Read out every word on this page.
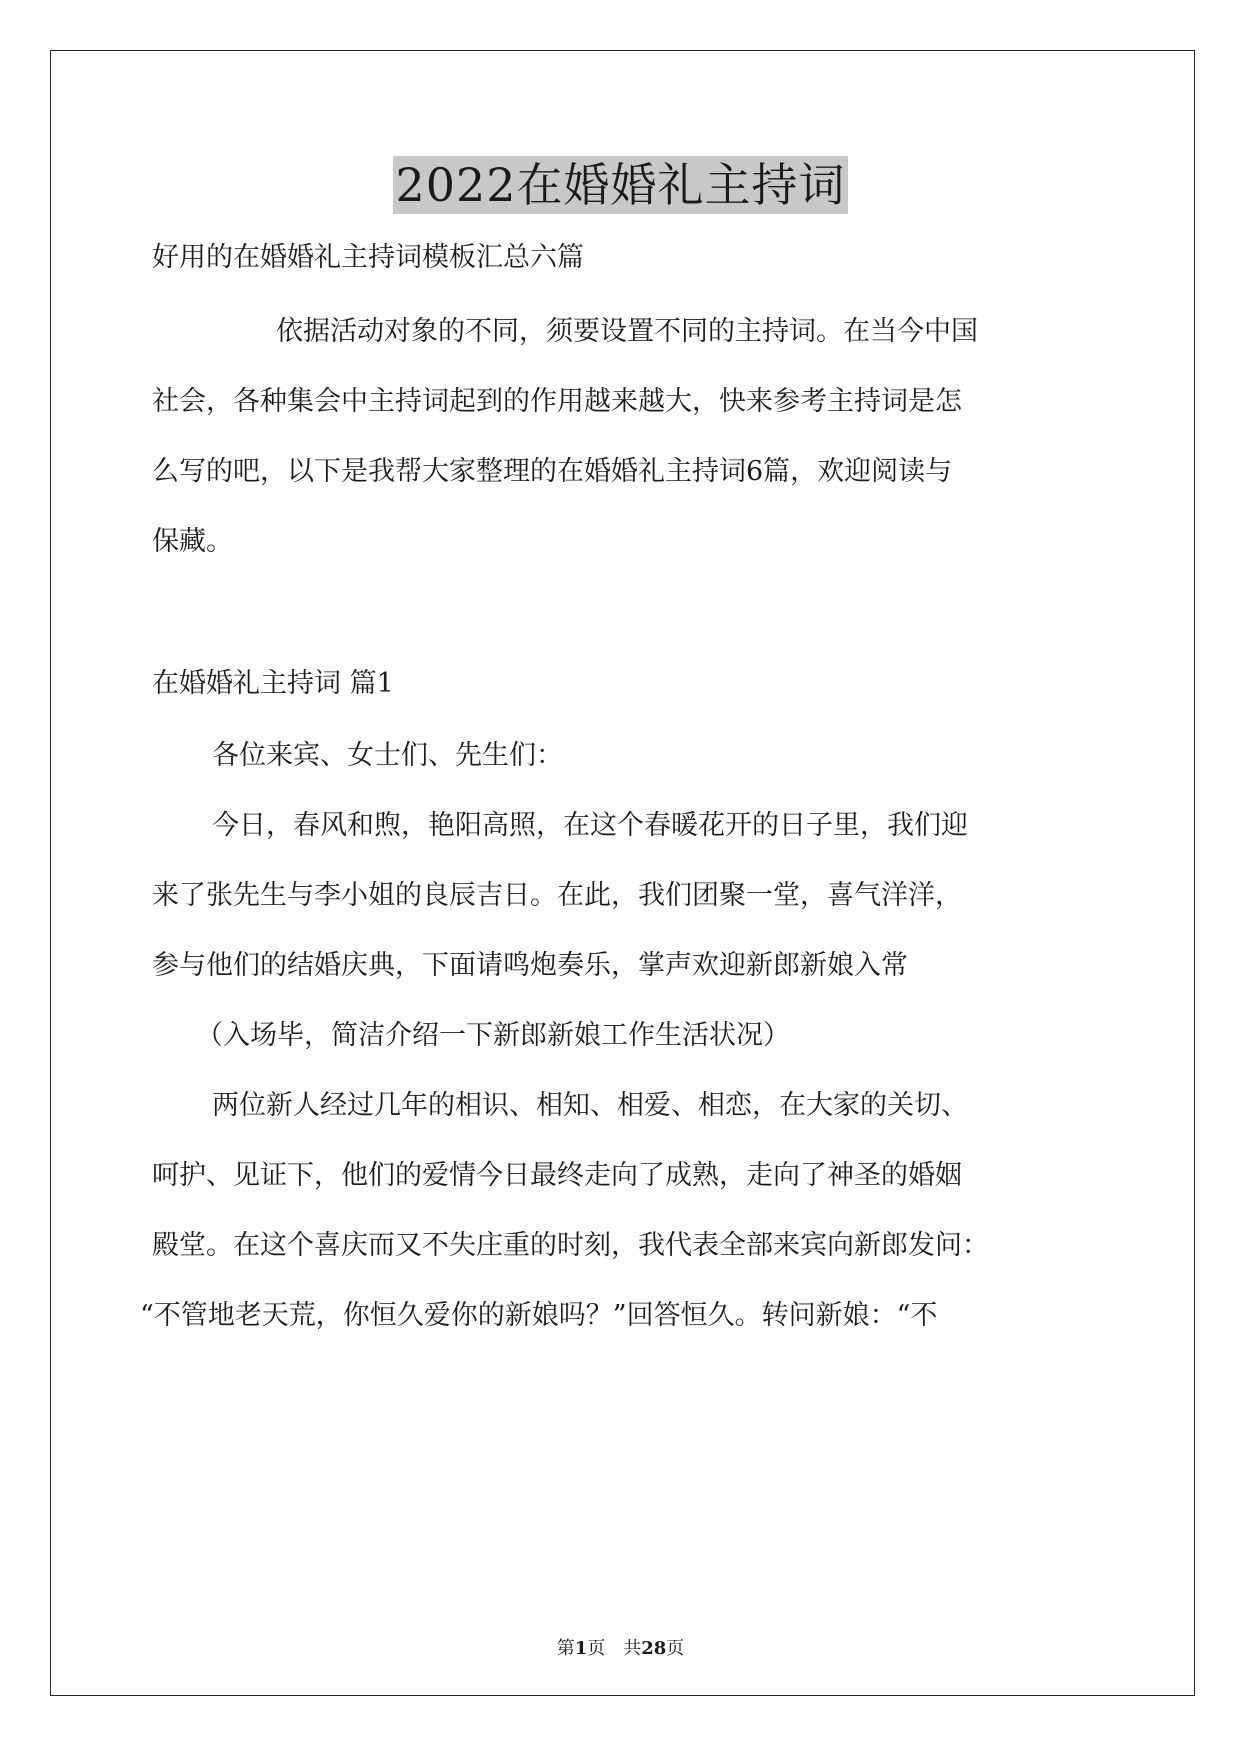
2022在婚婚礼主持词
好用的在婚婚礼主持词模板汇总六篇
依据活动对象的不同，须要设置不同的主持词。在当今中国
社会，各种集会中主持词起到的作用越来越大，快来参考主持词是怎
么写的吧，以下是我帮大家整理的在婚婚礼主持词6篇，欢迎阅读与
保藏。
在婚婚礼主持词 篇1
各位来宾、女士们、先生们：
今日，春风和煦，艳阳高照，在这个春暖花开的日子里，我们迎
来了张先生与李小姐的良辰吉日。在此，我们团聚一堂，喜气洋洋，
参与他们的结婚庆典，下面请鸣炮奏乐，掌声欢迎新郎新娘入常
（入场毕，简洁介绍一下新郎新娘工作生活状况）
两位新人经过几年的相识、相知、相爱、相恋，在大家的关切、
呵护、见证下，他们的爱情今日最终走向了成熟，走向了神圣的婚姻
殿堂。在这个喜庆而又不失庄重的时刻，我代表全部来宾向新郎发问：
“不管地老天荒，你恒久爱你的新娘吗？”回答恒久。转问新娘：“不
第1页　共28页
